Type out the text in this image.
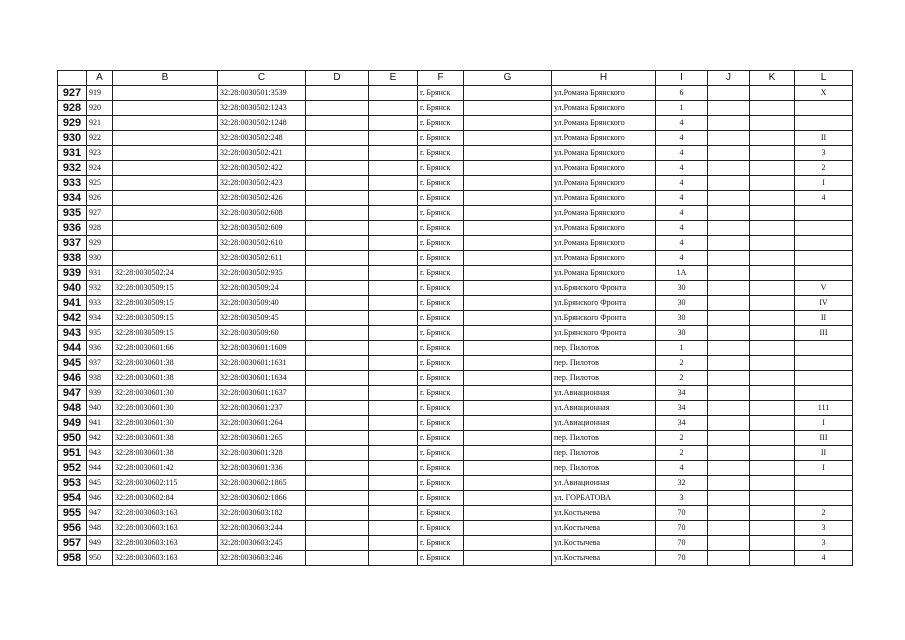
	A	B	C	D	E	F	G	H	I	J	K	L
927	919		32:28:0030501:3539			г. Брянск		ул.Романа Брянского	6			X
928	920		32:28:0030502:1243			г. Брянск		ул.Романа Брянского	1			
929	921		32:28:0030502:1248			г. Брянск		ул.Романа Брянского	4			
930	922		32:28:0030502:248			г. Брянск		ул.Романа Брянского	4			II
931	923		32:28:0030502:421			г. Брянск		ул.Романа Брянского	4			3
932	924		32:28:0030502:422			г. Брянск		ул.Романа Брянского	4			2
933	925		32:28:0030502:423			г. Брянск		ул.Романа Брянского	4			I
934	926		32:28:0030502:426			г. Брянск		ул.Романа Брянского	4			4
935	927		32:28:0030502:608			г. Брянск		ул.Романа Брянского	4			
936	928		32:28:0030502:609			г. Брянск		ул.Романа Брянского	4			
937	929		32:28:0030502:610			г. Брянск		ул.Романа Брянского	4			
938	930		32:28:0030502:611			г. Брянск		ул.Романа Брянского	4			
939	931	32:28:0030502:24	32:28:0030502:935			г. Брянск		ул.Романа Брянского	1А			
940	932	32:28:0030509:15	32:28:0030509:24			г. Брянск		ул.Брянского Фронта	30			V
941	933	32:28:0030509:15	32:28:0030509:40			г. Брянск		ул.Брянского Фронта	30			IV
942	934	32:28:0030509:15	32:28:0030509:45			г. Брянск		ул.Брянского Фронта	30			II
943	935	32:28:0030509:15	32:28:0030509:60			г. Брянск		ул.Брянского Фронта	30			III
944	936	32:28:0030601:66	32:28:0030601:1609			г. Брянск		пер. Пилотов	1			
945	937	32:28:0030601:38	32:28:0030601:1631			г. Брянск		пер. Пилотов	2			
946	938	32:28:0030601:38	32:28:0030601:1634			г. Брянск		пер. Пилотов	2			
947	939	32:28:0030601:30	32:28:0030601:1637			г. Брянск		ул.Авиационная	34			
948	940	32:28:0030601:30	32:28:0030601:237			г. Брянск		ул.Авиационная	34			111
949	941	32:28:0030601:30	32:28:0030601:264			г. Брянск		ул.Авиационная	34			I
950	942	32:28:0030601:38	32:28:0030601:265			г. Брянск		пер. Пилотов	2			III
951	943	32:28:0030601:38	32:28:0030601:328			г. Брянск		пер. Пилотов	2			II
952	944	32:28:0030601:42	32:28:0030601:336			г. Брянск		пер. Пилотов	4			I
953	945	32:28:0030602:115	32:28:0030602:1865			г. Брянск		ул.Авиационная	32			
954	946	32:28:0030602:84	32:28:0030602:1866			г. Брянск		ул. ГОРБАТОВА	3			
955	947	32:28:0030603:163	32:28:0030603:182			г. Брянск		ул.Костычева	70			2
956	948	32:28:0030603:163	32:28:0030603:244			г. Брянск		ул.Костычева	70			3
957	949	32:28:0030603:163	32:28:0030603:245			г. Брянск		ул.Костычева	70			3
958	950	32:28:0030603:163	32:28:0030603:246			г. Брянск		ул.Костычева	70			4
